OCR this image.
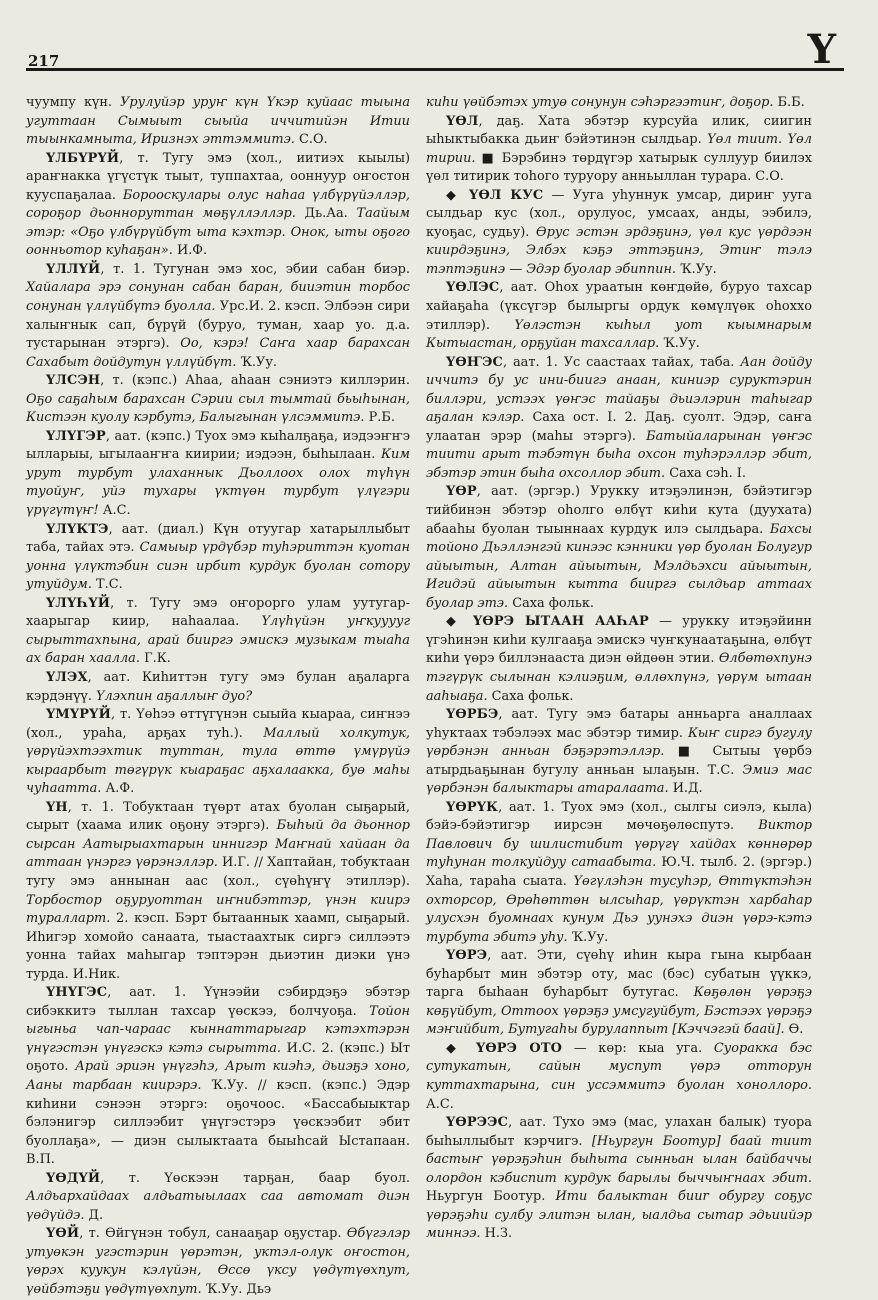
217	Ү

чуумпу күн. Урулуйэр уруҥ күн Үкэр куйаас тыына угуттаан Сымыыт сыыйа иччитийэн Итии тыынкамныта, Иризнэх эттэммитэ. С.О.

ҮЛБҮРҮЙ, т. Тугу эмэ (хол., иитиэх кыылы) араҥнакка үгүстүк тыыт, туппахтаа, ооннуур оҥостон кууспаҕалаа. Борооскулары олус наһаа үлбүрүйэллэр, сороҕор дьонноруттан мөҕүллэллэр. Дь.Аа. Таайым этэр: «Оҕо үлбүрүйбүт ыта кэхтэр. Онок, ыты оҕого оонньотор куһаҕан». И.Ф.

ҮЛЛҮЙ, т. 1. Тугунан эмэ хос, эбии сабан биэр. Хайалара эрэ сонунан сабан баран, бииэтин торбос сонунан үллүйбүтэ буолла. Урс.И. 2. кэсп. Элбээн сири халыҥнык сап, бүрүй (буруо, туман, хаар уо. д.а. тустарынан этэргэ). Оо, кэрэ! Саҥа хаар барахсан Сахабыт дойдутун үллүйбүт. Ҡ.Уу.

ҮЛСЭН, т. (кэпс.) Аһаа, аһаан сэниэтэ киллэрин. Оҕо саҕаһым барахсан Сэрии сыл тымтай бьыһынан, Кистээн куолу кэрбутэ, Балыгынан үлсэммитэ. Р.Б.

ҮЛҮГЭР, аат. (кэпс.) Туох эмэ кыһалҕаҕа, иэдээҥҥэ ылларыы, ыгылааҥҥа киирии; иэдээн, быһылаан. Ким урут турбут улаханнык Дьоллоох олох түһүн туойуҥ, уйэ тухары үктүөн турбут үлүгэри үрүгүтүҥ! А.С.

ҮЛҮКТЭ, аат. (диал.) Күн отуугар хатарыллыбыт таба, тайах этэ. Самыыр үрдүбэр туһэриттэн куотан уонна үлүктэбин сиэн ирбит курдук буолан сотору утуйдум. Т.С.

ҮЛҮҺҮЙ, т. Тугу эмэ оҥорорго улам уутугар-хаарыгар киир, наһаалаа. Үлүһүйэн уҥкууууг сырыттахпына, арай бииргэ эмискэ музыкам тыаһа ах баран хаалла. Г.К.

ҮЛЭХ, аат. Киһиттэн тугу эмэ булан аҕаларга кэрдэнүү. Үлэхпин аҕаллыҥ дуо?

ҮМҮРҮЙ, т. Үөһээ өттүгүнэн сыыйа кыараа, сиҥнээ (хол., ураһа, арҕах туһ.). Маллый холкутук, үөрүйэхтээхтик туттан, тула өттө үмүрүйэ кыраарбыт төгүрүк кыараҕас аҕхалаакка, буө маһы чуһаатта. А.Ф.

ҮН, т. 1. Тобуктаан түөрт атах буолан сыҕарый, сырыт (хаама илик оҕону этэргэ). Быһый да дьоннор сырсан Аатырыахтарын иннигэр Маҥнай хайаан да аттаан үнэргэ үөрэнэллэр. И.Г. // Хаптайан, тобуктаан тугу эмэ аннынан аас (хол., сүөһүҥү этиллэр). Торбостор оҕуруоттан иҥнибэттэр, үнэн киирэ туралларт. 2. кэсп. Бэрт бытааннык хаамп, сыҕарый. Иһигэр хомойо санаата, тыастаахтык сиргэ силлээтэ уонна тайах маһыгар тэптэрэн дьиэтин диэки үнэ турда. И.Ник.

ҮНҮГЭС, аат. 1. Үүнээйи сэбирдэҕэ эбэтэр сибэккитэ тыллан тахсар үөскээ, болчуоҕа. Тойон ыгыньа чап-чараас кыннаттарыгар кэтэхтэрэн үнүгэстэн үнүгэскэ кэтэ сырытта. И.С. 2. (кэпс.) Ыт оҕото. Арай эриэн үнүгэһэ, Арыт киэһэ, дьиэҕэ хоно, Ааны тарбаан киирэрэ. Ҡ.Уу. // кэсп. (кэпс.) Эдэр киһини сэнээн этэргэ: оҕочоос. «Бассабыыктар бэлэнигэр силлээбит үнүгэстэрэ үөскээбит эбит буоллаҕа», — диэн сылыктаата быыһсай Ыстапаан. В.П.

ҮӨДҮЙ, т. Үөскээн тарҕан, баар буол. Алдьархайдаах алдьатыылаах саа автомат диэн үөдүйдэ. Д.

ҮӨЙ, т. Өйгүнэн тобул, санааҕар оҕустар. Өбүгэлэр утуөкэн угэстэрин үөрэтэн, уктэл-олук оҥостон, үөрэх куукун кэлүйэн, Өссө үксу үөдүтүөхпут, үөйбэтэҕи үөдүтүөхпут. Ҡ.Уу. Дьэ

киһи үөйбэтэх утуө сонунун сэһэргээтиҥ, доҕор. Б.Б.

ҮӨЛ, даҕ. Хата эбэтэр курсуйа илик, сиигин ыһыктыбакка дьиҥ бэйэтинэн сылдьар. Үөл тиит. Үөл тирии. ■ Бэрэбинэ төрдүгэр хатырык суллуур биилэх үөл титирик тоһого туруору анньыллан турара. С.О.

◆ ҮӨЛ КУС — Ууга уһуннук умсар, дириҥ ууга сылдьар кус (хол., орулуос, умсаах, анды, ээбилэ, куоҕас, судьу). Өрус эстэн эрдэҕинэ, үөл кус үөрдээн киирдэҕинэ, Элбэх кэҕэ эттэҕинэ, Этиҥ тэлэ тэптэҕинэ — Эдэр буолар эбиппин. Ҡ.Уу.

ҮӨЛЭС, аат. Оһох ураатын көҥдөйө, буруо тахсар хайаҕаһа (үксүгэр былыргы ордук көмүлүөк оһоххо этиллэр). Үөлэстэн кыһыл уот кыымнарым Кытыастан, орҕуйан тахсаллар. Ҡ.Уу.

ҮӨҤЭС, аат. 1. Ус саастаах тайах, таба. Аан дойду иччитэ бу ус ини-биигэ анаан, киниэр суруктэрин биллэри, устээх үөҥэс тайаҕы дьиэлэрин таһыгар аҕалан кэлэр. Саха ост. I. 2. Даҕ. суолт. Эдэр, саҥа улаатан эрэр (маһы этэргэ). Батыйаларынан үөҥэс тиити арыт тэбэтүн быһа охсон туһэрэллэр эбит, эбэтэр этин быһа охсоллор эбит. Саха сэһ. I.

ҮӨР, аат. (эргэр.) Урукку итэҕэлинэн, бэйэтигэр тийбинэн эбэтэр оһолго өлбүт киһи кута (дуухата) абааһы буолан тыыннаах курдук илэ сылдьара. Бахсы тойоно Дьэллэнгэй кинээс кэнники үөр буолан Болугур айыытын, Алтан айыытын, Мэлдьэхси айыытын, Игидэй айыытын кытта бииргэ сылдьар аттаах буолар этэ. Саха фольк.

◆ ҮӨРЭ ЫТААН ААҺАР — урукку итэҕэйинн үгэһинэн киһи кулгааҕа эмискэ чуҥкунаатаҕына, өлбүт киһи үөрэ биллэнааста диэн өйдөөн этии. Өлбөтөхпунэ тэгүрүк сылынан кэлиэҕим, өллөхпүнэ, үөрүм ытаан ааһыаҕа. Саха фольк.

ҮӨРБЭ, аат. Тугу эмэ батары анньарга аналлаах уһуктаах тэбэлээх мас эбэтэр тимир. Кыҥ сиргэ бугулу үөрбэнэн анньан бэҕэрэтэллэр. ■ Сытыы үөрбэ атырдьаҕынан бугулу анньан ылаҕын. Т.С. Эмиэ мас үөрбэнэн балыктары атаралаата. И.Д.

ҮӨРҮК, аат. 1. Туох эмэ (хол., сылгы сиэлэ, кыла) бэйэ-бэйэтигэр иирсэн мөчөҕөлөспутэ. Виктор Павлович бу шилистибит үөрүгү хайдах көннөрөр туһунан толкуйдуу сатаабыта. Ю.Ч. тылб. 2. (эргэр.) Хаһа, тараһа сыата. Үөгүлэһэн тусуһэр, Өттүктэһэн охторсор, Өрөһөттөн ылсыһар, үөрүктэн харбаһар улусхэн буомнаах кунум Дьэ уунэхэ диэн үөрэ-кэтэ турбута эбитэ уһу. Ҡ.Уу.

ҮӨРЭ, аат. Эти, сүөһү иһин кыра гына кырбаан буһарбыт мин эбэтэр оту, мас (бэс) субатын үүккэ, тарга быһаан буһарбыт бутугас. Көҕөлөн үөрэҕэ көҕүйбут, Оттоох үөрэҕэ умсугуйбут, Бэстээх үөрэҕэ мэҥийбит, Бутугаһы бурулаппыт [Кэччэгэй баай]. Ө.

◆ ҮӨРЭ ОТО — көр: кыа уга. Суоракка бэс сутукатын, сайын муспут үөрэ отторун куттахтарына, син уссэммитэ буолан хоноллоро. А.С.

ҮӨРЭЭС, аат. Тухо эмэ (мас, улахан балык) туора быһыллыбыт кэрчигэ. [Ньургун Боотур] баай тиит бастыҥ үөрэҕэһин быһыта сынньан ылан байбаччы олордон кэбиспит курдук барылы быччыҥнаах эбит. Ньургун Боотур. Ити балыктан бииr обургу соҕус үөрэҕэһи сулбу элитэн ылан, ыалдьа сытар эдьиийэр миннээ. Н.З.
